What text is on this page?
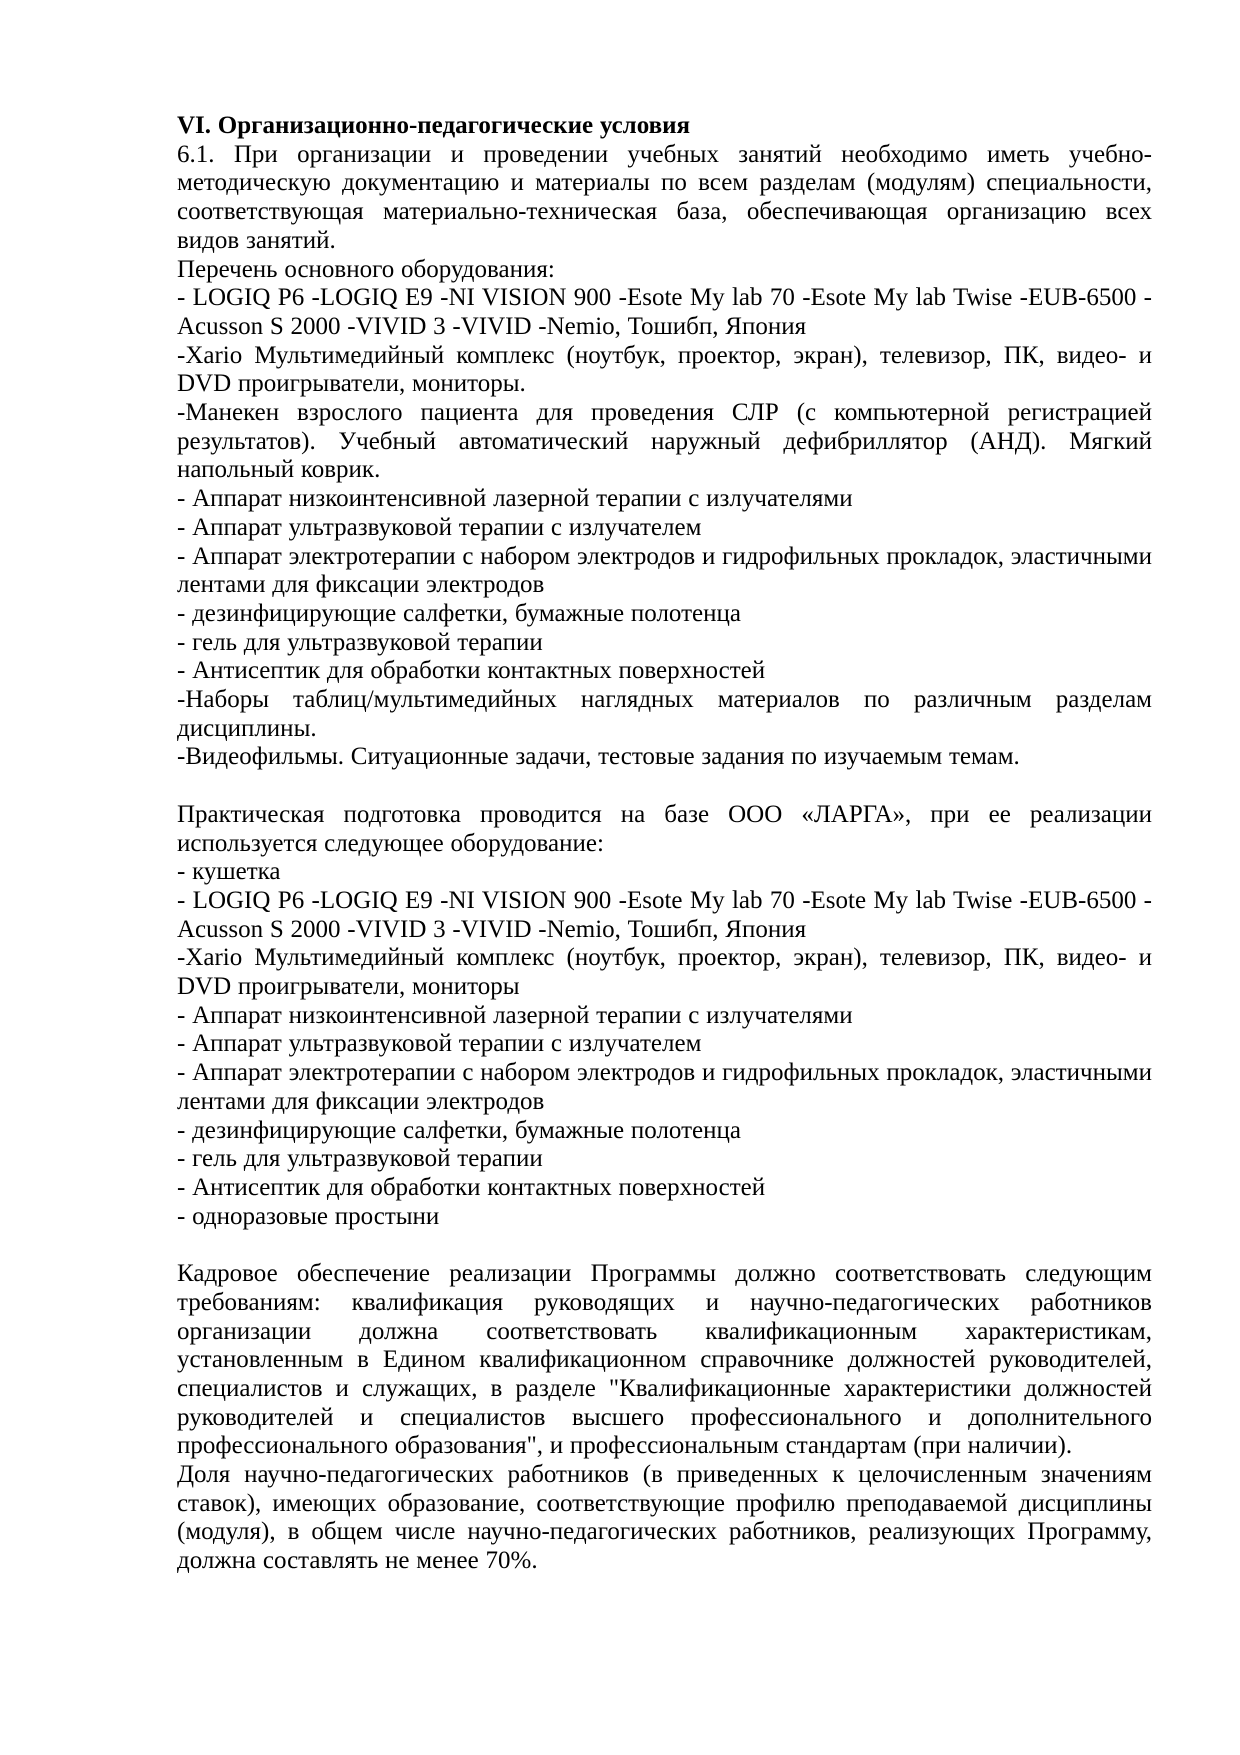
VI. Организационно-педагогические условия

6.1. При организации и проведении учебных занятий необходимо иметь учебно-методическую документацию и материалы по всем разделам (модулям) специальности, соответствующая материально-техническая база, обеспечивающая организацию всех видов занятий.

Перечень основного оборудования:

- LOGIQ P6 -LOGIQ E9 -NI VISION 900 -Esote My lab 70 -Esote My lab Twise -EUB-6500 - Acusson S 2000 -VIVID 3 -VIVID -Nemio, Тошибп, Япония

-Xario Мультимедийный комплекс (ноутбук, проектор, экран), телевизор, ПК, видео- и DVD проигрыватели, мониторы.

-Манекен взрослого пациента для проведения СЛР (с компьютерной регистрацией результатов). Учебный автоматический наружный дефибриллятор (АНД). Мягкий напольный коврик.

- Аппарат низкоинтенсивной лазерной терапии с излучателями

- Аппарат ультразвуковой терапии с излучателем

- Аппарат электротерапии с набором электродов и гидрофильных прокладок, эластичными лентами для фиксации электродов

- дезинфицирующие салфетки, бумажные полотенца

- гель для ультразвуковой терапии

- Антисептик для обработки контактных поверхностей

-Наборы таблиц/мультимедийных наглядных материалов по различным разделам дисциплины.

-Видеофильмы. Ситуационные задачи, тестовые задания по изучаемым темам.

Практическая подготовка проводится на базе ООО «ЛАРГА», при ее реализации используется следующее оборудование:

- кушетка

- LOGIQ P6 -LOGIQ E9 -NI VISION 900 -Esote My lab 70 -Esote My lab Twise -EUB-6500 - Acusson S 2000 -VIVID 3 -VIVID -Nemio, Тошибп, Япония

-Xario Мультимедийный комплекс (ноутбук, проектор, экран), телевизор, ПК, видео- и DVD проигрыватели, мониторы

- Аппарат низкоинтенсивной лазерной терапии с излучателями

- Аппарат ультразвуковой терапии с излучателем

- Аппарат электротерапии с набором электродов и гидрофильных прокладок, эластичными лентами для фиксации электродов

- дезинфицирующие салфетки, бумажные полотенца

- гель для ультразвуковой терапии

- Антисептик для обработки контактных поверхностей

- одноразовые простыни

Кадровое обеспечение реализации Программы должно соответствовать следующим требованиям: квалификация руководящих и научно-педагогических работников организации должна соответствовать квалификационным характеристикам, установленным в Едином квалификационном справочнике должностей руководителей, специалистов и служащих, в разделе "Квалификационные характеристики должностей руководителей и специалистов высшего профессионального и дополнительного профессионального образования", и профессиональным стандартам (при наличии).

Доля научно-педагогических работников (в приведенных к целочисленным значениям ставок), имеющих образование, соответствующие профилю преподаваемой дисциплины (модуля), в общем числе научно-педагогических работников, реализующих Программу, должна составлять не менее 70%.
